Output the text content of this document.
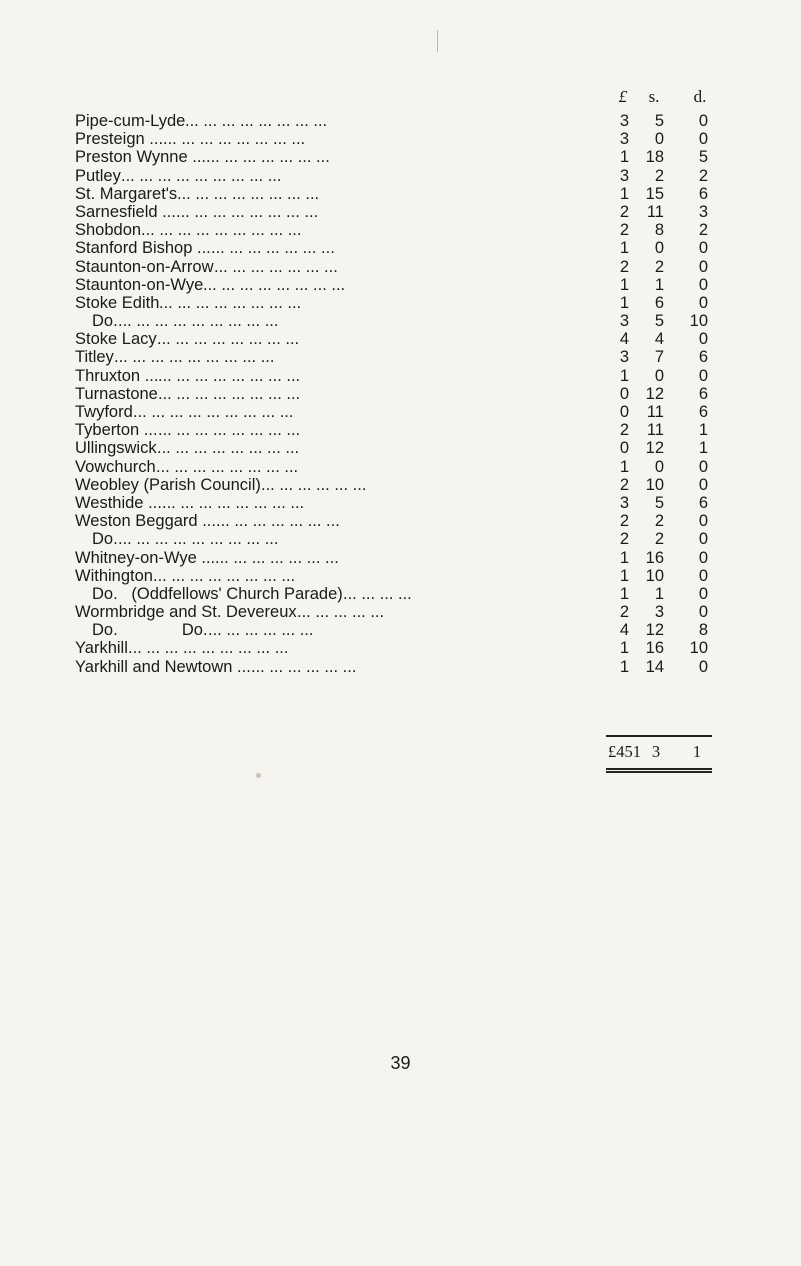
£	s.	d.
Pipe-cum-Lyde ... ... ... ... ... ... ... ...	3	5	0
Presteign ... ... ... ... ... ... ... ... ...	3	0	0
Preston Wynne ... ... ... ... ... ... ... ...	1	18	5
Putley ... ... ... ... ... ... ... ... ...	3	2	2
St. Margaret's ... ... ... ... ... ... ... ...	1	15	6
Sarnesfield ... ... ... ... ... ... ... ... ...	2	11	3
Shobdon ... ... ... ... ... ... ... ... ...	2	8	2
Stanford Bishop ... ... ... ... ... ... ... ...	1	0	0
Staunton-on-Arrow ... ... ... ... ... ... ...	2	2	0
Staunton-on-Wye ... ... ... ... ... ... ... ...	1	1	0
Stoke Edith ... ... ... ... ... ... ... ...	1	6	0
Do. ... ... ... ... ... ... ... ... ...	3	5	10
Stoke Lacy ... ... ... ... ... ... ... ...	4	4	0
Titley ... ... ... ... ... ... ... ... ...	3	7	6
Thruxton ... ... ... ... ... ... ... ... ...	1	0	0
Turnastone ... ... ... ... ... ... ... ...	0	12	6
Twyford ... ... ... ... ... ... ... ... ...	0	11	6
Tyberton ... ... ... ... ... ... ... ... ...	2	11	1
Ullingswick ... ... ... ... ... ... ... ...	0	12	1
Vowchurch ... ... ... ... ... ... ... ...	1	0	0
Weobley (Parish Council) ... ... ... ... ... ...	2	10	0
Westhide ... ... ... ... ... ... ... ... ...	3	5	6
Weston Beggard ... ... ... ... ... ... ... ...	2	2	0
Do. ... ... ... ... ... ... ... ... ...	2	2	0
Whitney-on-Wye ... ... ... ... ... ... ... ...	1	16	0
Withington ... ... ... ... ... ... ... ...	1	10	0
Do.   (Oddfellows' Church Parade) ... ... ... ...	1	1	0
Wormbridge and St. Devereux ... ... ... ... ...	2	3	0
Do.              Do. ... ... ... ... ... ...	4	12	8
Yarkhill ... ... ... ... ... ... ... ... ...	1	16	10
Yarkhill and Newtown ... ... ... ... ... ... ...	1	14	0
£451 3	1
39
